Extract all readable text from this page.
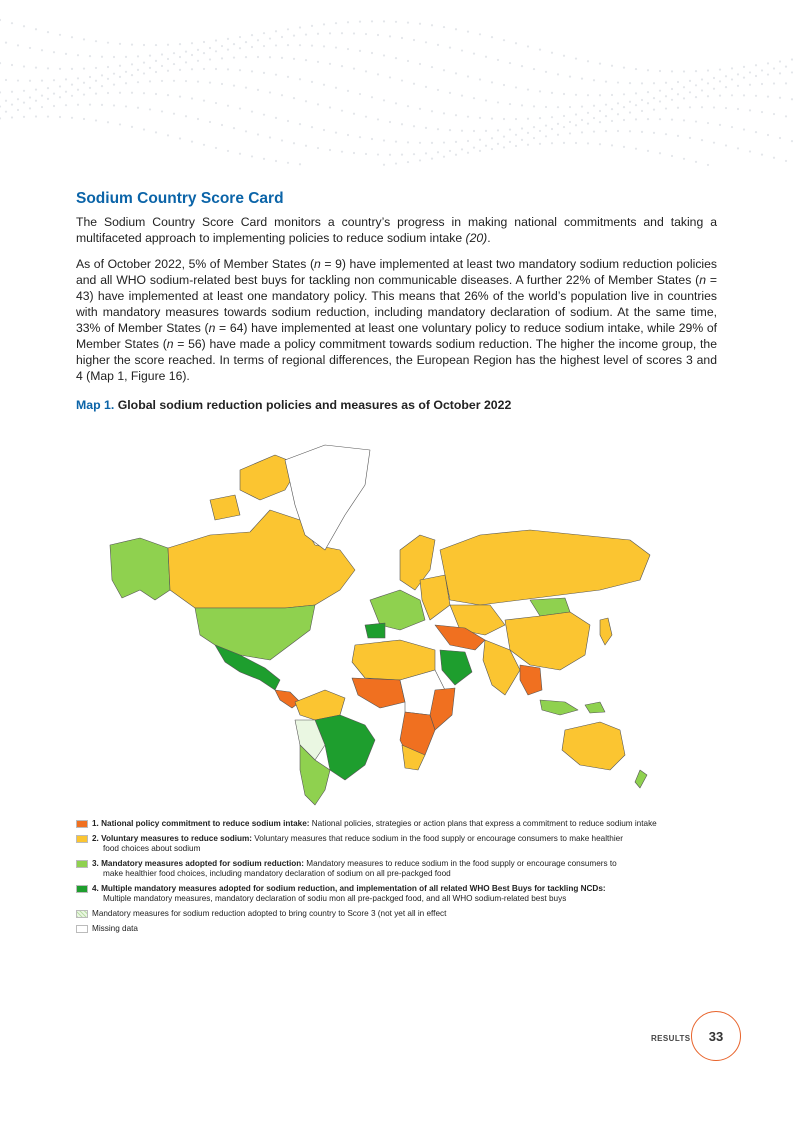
Sodium Country Score Card

The Sodium Country Score Card monitors a country’s progress in making national commitments and taking a multifaceted approach to implementing policies to reduce sodium intake (20).

As of October 2022, 5% of Member States (n = 9) have implemented at least two mandatory sodium reduction policies and all WHO sodium-related best buys for tackling non communicable diseases. A further 22% of Member States (n = 43) have implemented at least one mandatory policy. This means that 26% of the world’s population live in countries with mandatory measures towards sodium reduction, including mandatory declaration of sodium. At the same time, 33% of Member States (n = 64) have implemented at least one voluntary policy to reduce sodium intake, while 29% of Member States (n = 56) have made a policy commitment towards sodium reduction. The higher the income group, the higher the score reached. In terms of regional differences, the European Region has the highest level of scores 3 and 4 (Map 1, Figure 16).

Map 1. Global sodium reduction policies and measures as of October 2022
1. National policy commitment to reduce sodium intake: National policies, strategies or action plans that express a commitment to reduce sodium intake
2. Voluntary measures to reduce sodium: Voluntary measures that reduce sodium in the food supply or encourage consumers to make healthier
food choices about sodium
3. Mandatory measures adopted for sodium reduction: Mandatory measures to reduce sodium in the food supply or encourage consumers to
make healthier food choices, including mandatory declaration of sodium on all pre-packged food
4. Multiple mandatory measures adopted for sodium reduction, and implementation of all related WHO Best Buys for tackling NCDs:
Multiple mandatory measures, mandatory declaration of sodiu mon all pre-packged food, and all WHO sodium-related best buys
Mandatory measures for sodium reduction adopted to bring country to Score 3 (not yet all in effect
Missing data
RESULTS	33
